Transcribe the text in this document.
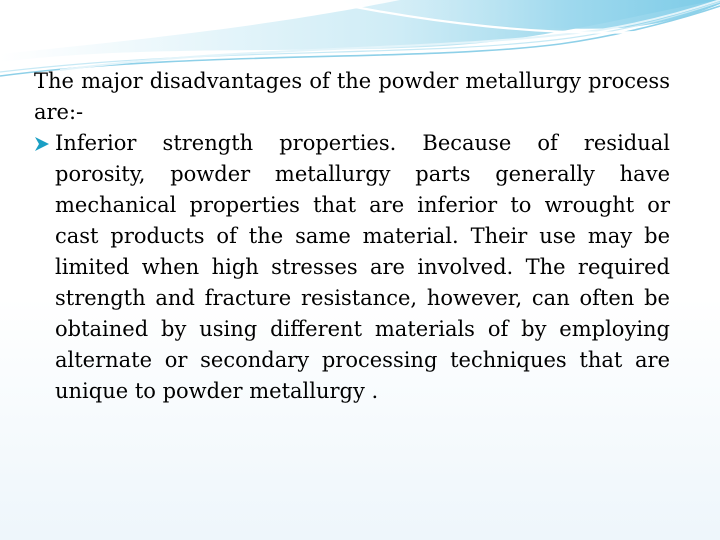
The major disadvantages of the powder metallurgy process are:-

Inferior strength properties. Because of residual porosity, powder metallurgy parts generally have mechanical properties that are inferior to wrought or cast products of the same material. Their use may be limited when high stresses are involved. The required strength and fracture resistance, however, can often be obtained by using different materials of by employing alternate or secondary processing techniques that are unique to powder metallurgy .
